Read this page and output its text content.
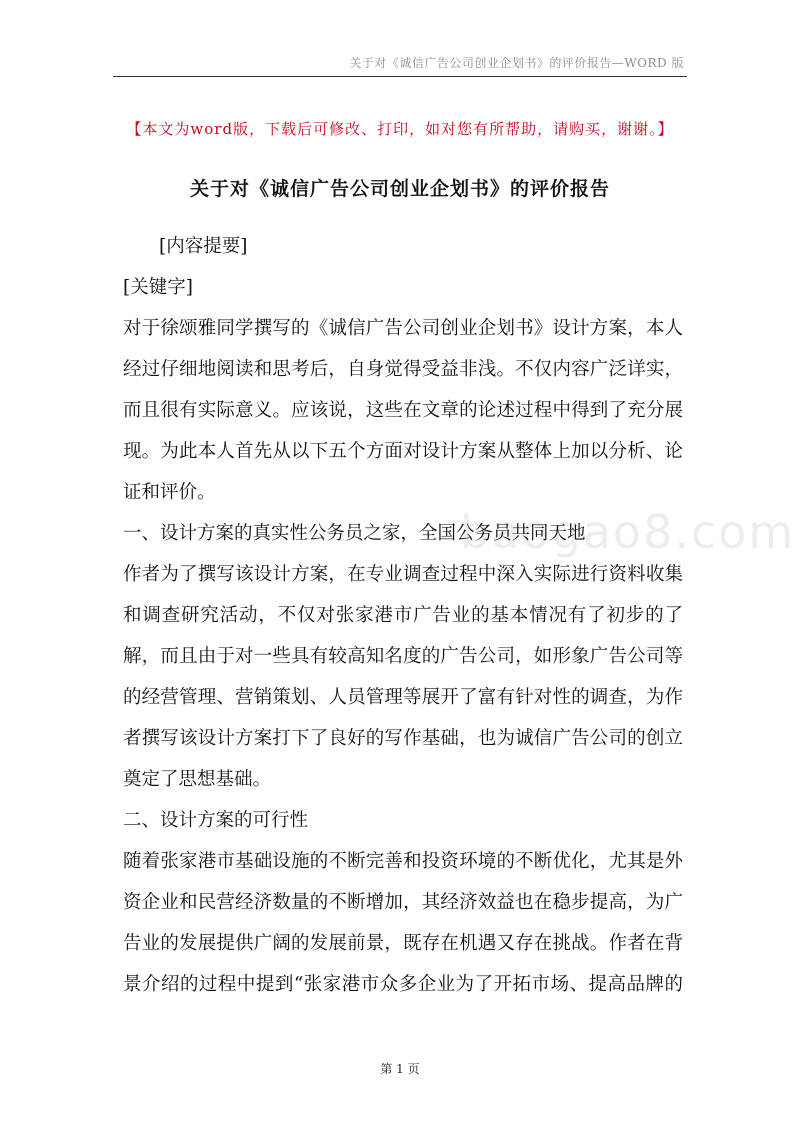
关于对《诚信广告公司创业企划书》的评价报告—WORD 版
【本文为word版，下载后可修改、打印，如对您有所帮助，请购买，谢谢。】
关于对《诚信广告公司创业企划书》的评价报告
baogao8.com
[内容提要]
[关键字]
对于徐颂雅同学撰写的《诚信广告公司创业企划书》设计方案，本人
经过仔细地阅读和思考后，自身觉得受益非浅。不仅内容广泛详实，
而且很有实际意义。应该说，这些在文章的论述过程中得到了充分展
现。为此本人首先从以下五个方面对设计方案从整体上加以分析、论
证和评价。
一、设计方案的真实性公务员之家，全国公务员共同天地
作者为了撰写该设计方案，在专业调查过程中深入实际进行资料收集
和调查研究活动，不仅对张家港市广告业的基本情况有了初步的了
解，而且由于对一些具有较高知名度的广告公司，如形象广告公司等
的经营管理、营销策划、人员管理等展开了富有针对性的调查，为作
者撰写该设计方案打下了良好的写作基础，也为诚信广告公司的创立
奠定了思想基础。
二、设计方案的可行性
随着张家港市基础设施的不断完善和投资环境的不断优化，尤其是外
资企业和民营经济数量的不断增加，其经济效益也在稳步提高，为广
告业的发展提供广阔的发展前景，既存在机遇又存在挑战。作者在背
景介绍的过程中提到“张家港市众多企业为了开拓市场、提高品牌的
第 1 页
